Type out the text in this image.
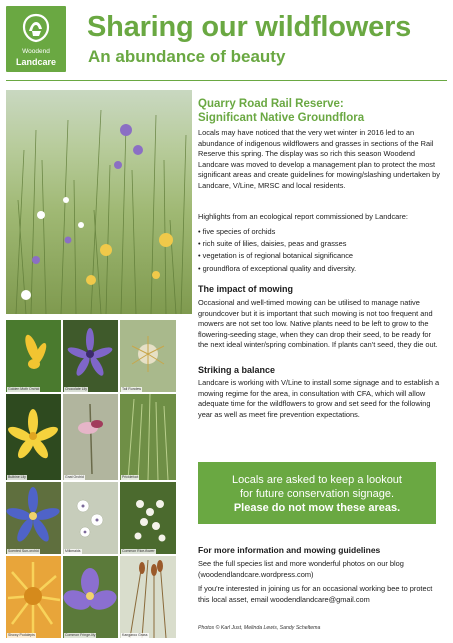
Woodend
Landcare
Sharing our wildflowers
An abundance of beauty
Golden Moth Orchid	Chocolate Lily	Tall Rundew
Bulbine Lily	Gnat Orchid	Pricklefoot
Scented Sun-orchid	Milkmaids	Common Rice-flower
Showy Podolepis	Common Fringe-lily	Kangaroo Grass
Quarry Road Rail Reserve:
Significant Native Groundflora
Locals may have noticed that the very wet winter in 2016 led to an abundance of indigenous wildflowers and grasses in sections of the Rail Reserve this spring. The display was so rich this season Woodend Landcare was moved to develop a management plan to protect the most significant areas and create guidelines for mowing/slashing undertaken by Landcare, V/Line, MRSC and local residents.
Highlights from an ecological report commissioned by Landcare:
• five species of orchids
• rich suite of lilies, daisies, peas and grasses
• vegetation is of regional botanical significance
• groundflora of exceptional quality and diversity.
The impact of mowing
Occasional and well-timed mowing can be utilised to manage native groundcover but it is important that such mowing is not too frequent and mowers are not set too low. Native plants need to be left to grow to the flowering-seeding stage, when they can drop their seed, to be ready for the next ideal winter/spring combination. If plants can't seed, they die out.
Striking a balance
Landcare is working with V/Line to install some signage and to establish a mowing regime for the area, in consultation with CFA, which will allow adequate time for the wildflowers to grow and set seed for the following year as well as meet fire prevention expectations.
Locals are asked to keep a lookout
for future conservation signage.
Please do not mow these areas.
For more information and mowing guidelines
See the full species list and more wonderful photos on our blog (woodendlandcare.wordpress.com)
If you're interested in joining us for an occasional working bee to protect this local asset, email woodendlandcare@gmail.com
Photos © Karl Just, Melinda Lewis, Sandy Scheltema
